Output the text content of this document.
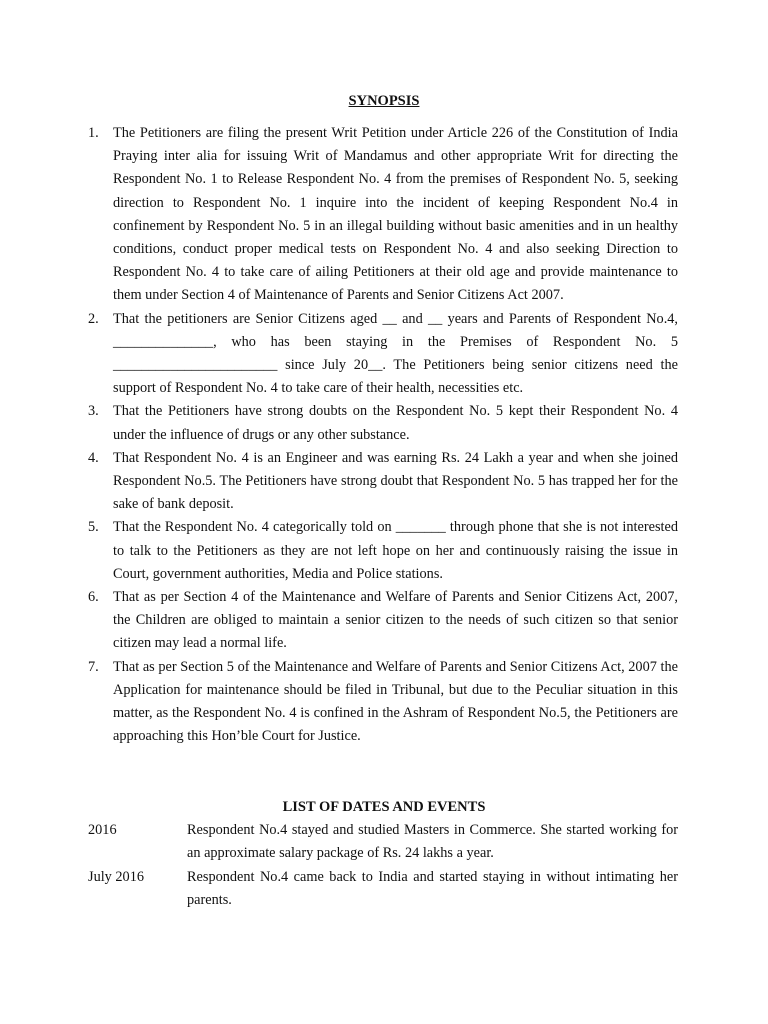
SYNOPSIS
1. The Petitioners are filing the present Writ Petition under Article 226 of the Constitution of India Praying inter alia for issuing Writ of Mandamus and other appropriate Writ for directing the Respondent No. 1 to Release Respondent No. 4 from the premises of Respondent No. 5, seeking direction to Respondent No. 1 inquire into the incident of keeping Respondent No.4 in confinement by Respondent No. 5 in an illegal building without basic amenities and in un healthy conditions, conduct proper medical tests on Respondent No. 4 and also seeking Direction to Respondent No. 4 to take care of ailing Petitioners at their old age and provide maintenance to them under Section 4 of Maintenance of Parents and Senior Citizens Act 2007.
2. That the petitioners are Senior Citizens aged __ and __ years and Parents of Respondent No.4, ______________, who has been staying in the Premises of Respondent No. 5 _______________________ since July 20__. The Petitioners being senior citizens need the support of Respondent No. 4 to take care of their health, necessities etc.
3. That the Petitioners have strong doubts on the Respondent No. 5 kept their Respondent No. 4 under the influence of drugs or any other substance.
4. That Respondent No. 4 is an Engineer and was earning Rs. 24 Lakh a year and when she joined Respondent No.5. The Petitioners have strong doubt that Respondent No. 5 has trapped her for the sake of bank deposit.
5. That the Respondent No. 4 categorically told on _______ through phone that she is not interested to talk to the Petitioners as they are not left hope on her and continuously raising the issue in Court, government authorities, Media and Police stations.
6. That as per Section 4 of the Maintenance and Welfare of Parents and Senior Citizens Act, 2007, the Children are obliged to maintain a senior citizen to the needs of such citizen so that senior citizen may lead a normal life.
7. That as per Section 5 of the Maintenance and Welfare of Parents and Senior Citizens Act, 2007 the Application for maintenance should be filed in Tribunal, but due to the Peculiar situation in this matter, as the Respondent No. 4 is confined in the Ashram of Respondent No.5, the Petitioners are approaching this Hon’ble Court for Justice.
LIST OF DATES AND EVENTS
2016	Respondent No.4 stayed and studied Masters in Commerce. She started working for an approximate salary package of Rs. 24 lakhs a year.
July 2016	Respondent No.4 came back to India and started staying in without intimating her parents.
